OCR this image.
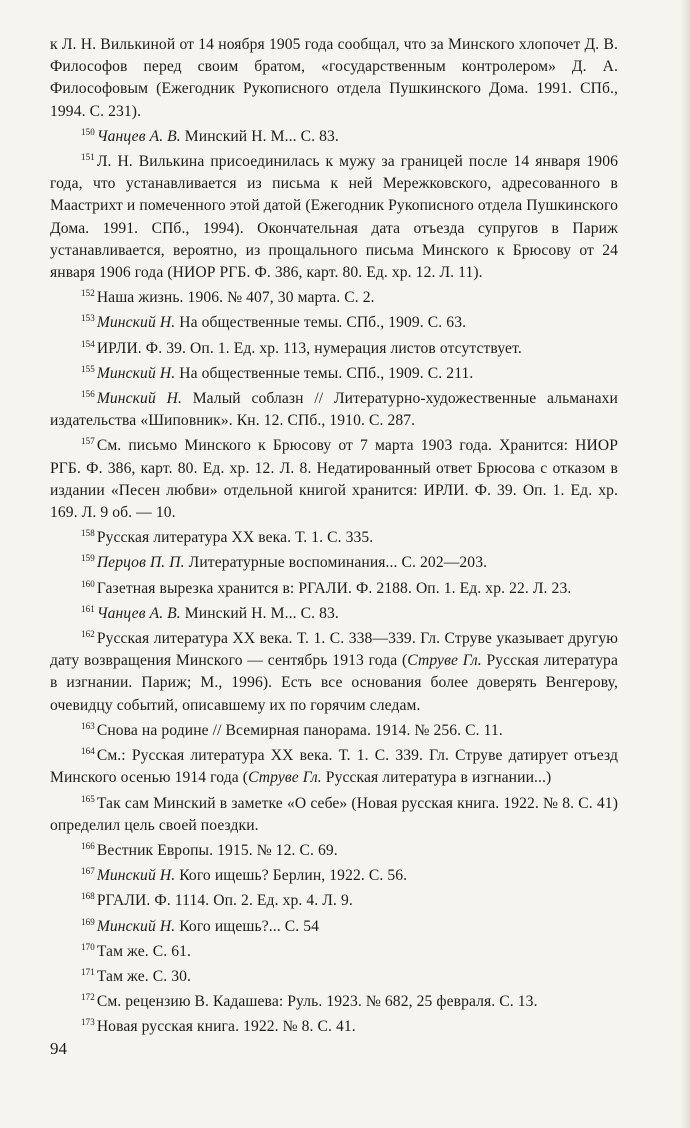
к Л. Н. Вилькиной от 14 ноября 1905 года сообщал, что за Минского хлопочет Д. В. Философов перед своим братом, «государственным контролером» Д. А. Философовым (Ежегодник Рукописного отдела Пушкинского Дома. 1991. СПб., 1994. С. 231).
$^{150}$ Чанцев А. В. Минский Н. М... С. 83.
$^{151}$ Л. Н. Вилькина присоединилась к мужу за границей после 14 января 1906 года, что устанавливается из письма к ней Мережковского, адресованного в Маастрихт и помеченного этой датой (Ежегодник Рукописного отдела Пушкинского Дома. 1991. СПб., 1994). Окончательная дата отъезда супругов в Париж устанавливается, вероятно, из прощального письма Минского к Брюсову от 24 января 1906 года (НИОР РГБ. Ф. 386, карт. 80. Ед. хр. 12. Л. 11).
$^{152}$ Наша жизнь. 1906. № 407, 30 марта. С. 2.
$^{153}$ Минский Н. На общественные темы. СПб., 1909. С. 63.
$^{154}$ ИРЛИ. Ф. 39. Оп. 1. Ед. хр. 113, нумерация листов отсутствует.
$^{155}$ Минский Н. На общественные темы. СПб., 1909. С. 211.
$^{156}$ Минский Н. Малый соблазн // Литературно-художественные альманахи издательства «Шиповник». Кн. 12. СПб., 1910. С. 287.
$^{157}$ См. письмо Минского к Брюсову от 7 марта 1903 года. Хранится: НИОР РГБ. Ф. 386, карт. 80. Ед. хр. 12. Л. 8. Недатированный ответ Брюсова с отказом в издании «Песен любви» отдельной книгой хранится: ИРЛИ. Ф. 39. Оп. 1. Ед. хр. 169. Л. 9 об. — 10.
$^{158}$ Русская литература XX века. Т. 1. С. 335.
$^{159}$ Перцов П. П. Литературные воспоминания... С. 202—203.
$^{160}$ Газетная вырезка хранится в: РГАЛИ. Ф. 2188. Оп. 1. Ед. хр. 22. Л. 23.
$^{161}$ Чанцев А. В. Минский Н. М... С. 83.
$^{162}$ Русская литература XX века. Т. 1. С. 338—339. Гл. Струве указывает другую дату возвращения Минского — сентябрь 1913 года (Струве Гл. Русская литература в изгнании. Париж; М., 1996). Есть все основания более доверять Венгерову, очевидцу событий, описавшему их по горячим следам.
$^{163}$ Снова на родине // Всемирная панорама. 1914. № 256. С. 11.
$^{164}$ См.: Русская литература XX века. Т. 1. С. 339. Гл. Струве датирует отъезд Минского осенью 1914 года (Струве Гл. Русская литература в изгнании...)
$^{165}$ Так сам Минский в заметке «О себе» (Новая русская книга. 1922. № 8. С. 41) определил цель своей поездки.
$^{166}$ Вестник Европы. 1915. № 12. С. 69.
$^{167}$ Минский Н. Кого ищешь? Берлин, 1922. С. 56.
$^{168}$ РГАЛИ. Ф. 1114. Оп. 2. Ед. хр. 4. Л. 9.
$^{169}$ Минский Н. Кого ищешь?... С. 54
$^{170}$ Там же. С. 61.
$^{171}$ Там же. С. 30.
$^{172}$ См. рецензию В. Кадашева: Руль. 1923. № 682, 25 февраля. С. 13.
$^{173}$ Новая русская книга. 1922. № 8. С. 41.
94
